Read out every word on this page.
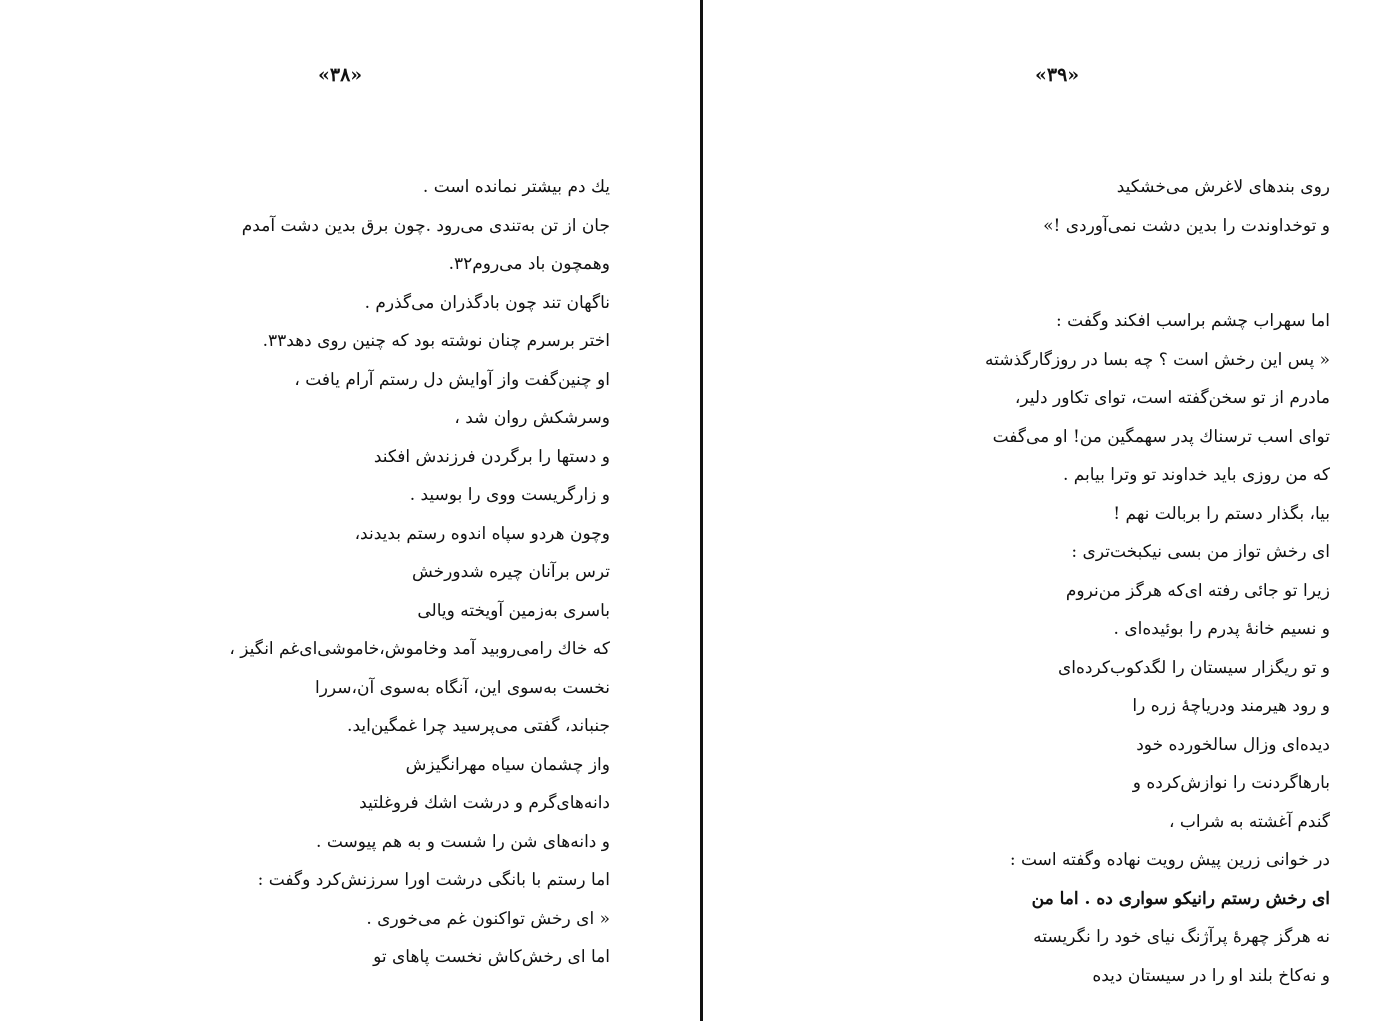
«۳۸»
یك دم بیشتر نمانده است .
جان از تن به‌تندی می‌رود .چون برق بدین دشت آمدم
وهمچون باد می‌روم۳۲.
ناگهان تند چون بادگذران می‌گذرم .
اختر برسرم چنان نوشته بود که چنین روی دهد۳۳.
او چنین‌گفت واز آوایش دل رستم آرام یافت ،
وسرشکش روان شد ،
و دستها را برگردن فرزندش افکند
و زارگریست ووی را بوسید .
وچون هردو سپاه اندوه رستم بدیدند،
ترس برآنان چیره شدورخش
باسری به‌زمین آویخته ویالی
که خاك رامی‌روبید آمد وخاموش،خاموشی‌ای‌غم انگیز ،
نخست به‌سوی این، آنگاه به‌سوی آن،سررا
جنباند، گفتی می‌پرسید چرا غمگین‌اید.
واز چشمان سیاه مهرانگیزش
دانه‌های‌گرم و درشت اشك فروغلتید
و دانه‌های شن را شست و به هم پیوست .
اما رستم با بانگی درشت اورا سرزنش‌کرد وگفت :
« ای رخش تواکنون غم می‌خوری .
اما ای رخش‌کاش نخست پاهای تو
«۳۹»
روی بندهای لاغرش می‌خشکید
و توخداوندت را بدین دشت نمی‌آوردی !»
اما سهراب چشم براسب افکند وگفت :
« پس این رخش است ؟ چه بسا در روزگارگذشته
مادرم از تو سخن‌گفته است، توای تکاور دلیر،
توای اسب ترسناك پدر سهمگین من! او می‌گفت
که من روزی باید خداوند تو وترا بیابم .
بیا، بگذار دستم را بربالت نهم !
ای رخش تواز من بسی نیکبخت‌تری :
زیرا تو جائی رفته ای‌که هرگز من‌نروم
و نسیم خانهٔ پدرم را بوئیده‌ای .
و تو ریگزار سیستان را لگدکوب‌کرده‌ای
و رود هیرمند ودریاچهٔ زره را
دیده‌ای وزال سالخورده خود
بارهاگردنت را نوازش‌کرده و
گندم آغشته به شراب ،
در خوانی زرین پیش رویت نهاده وگفته است :
ای رخش رستم رانیکو سواری ده . اما من
نه هرگز چهرهٔ پرآژنگ نیای خود را نگریسته
و نه‌کاخ بلند او را در سیستان دیده
